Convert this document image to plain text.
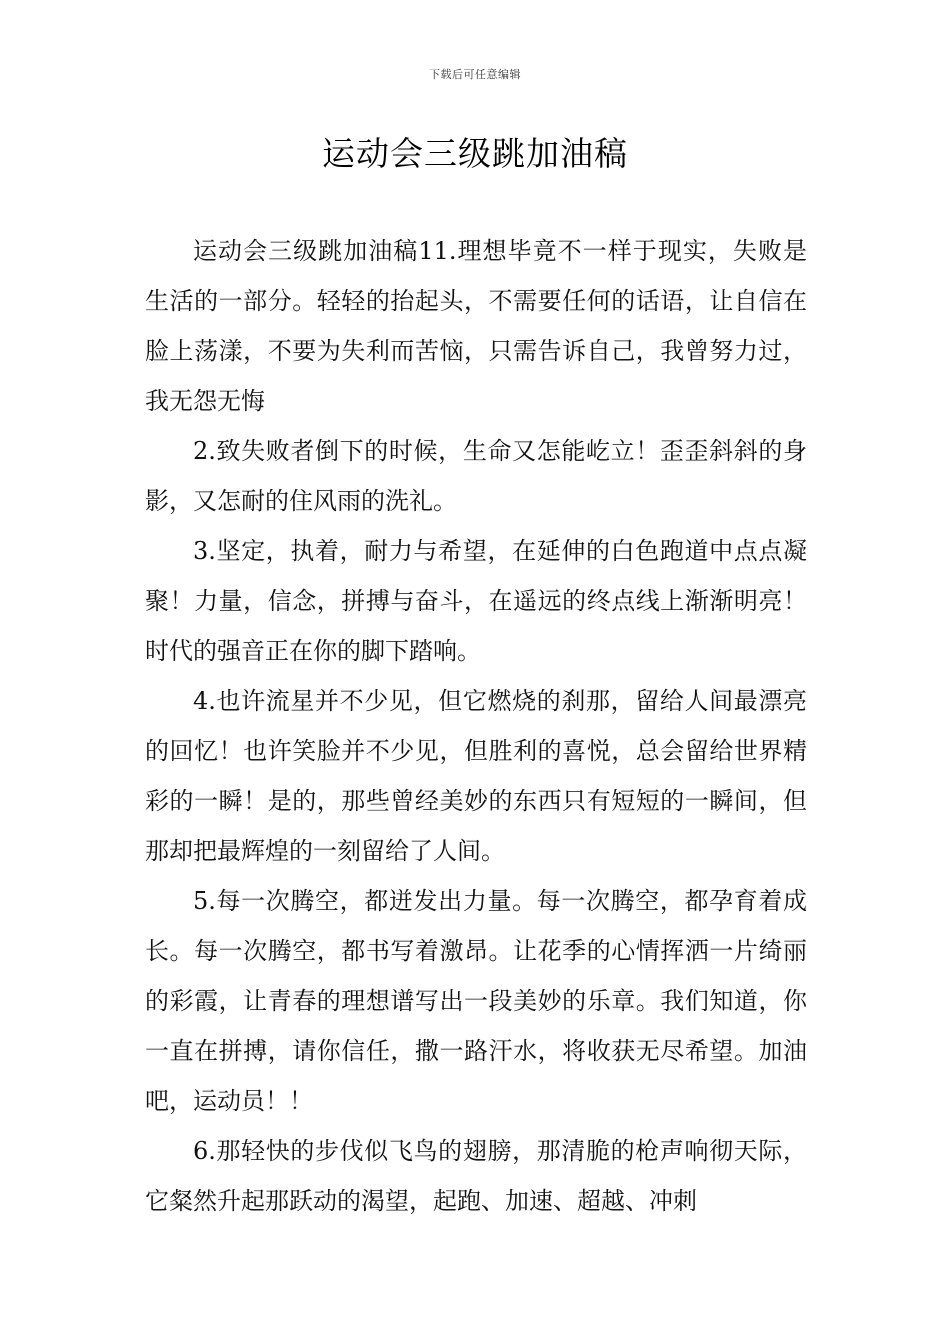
下载后可任意编辑
运动会三级跳加油稿

运动会三级跳加油稿11.理想毕竟不一样于现实，失败是生活的一部分。轻轻的抬起头，不需要任何的话语，让自信在脸上荡漾，不要为失利而苦恼，只需告诉自己，我曾努力过，我无怨无悔

2.致失败者倒下的时候，生命又怎能屹立！歪歪斜斜的身影，又怎耐的住风雨的洗礼。

3.坚定，执着，耐力与希望，在延伸的白色跑道中点点凝聚！力量，信念，拼搏与奋斗，在遥远的终点线上渐渐明亮！时代的强音正在你的脚下踏响。

4.也许流星并不少见，但它燃烧的刹那，留给人间最漂亮的回忆！也许笑脸并不少见，但胜利的喜悦，总会留给世界精彩的一瞬！是的，那些曾经美妙的东西只有短短的一瞬间，但那却把最辉煌的一刻留给了人间。

5.每一次腾空，都迸发出力量。每一次腾空，都孕育着成长。每一次腾空，都书写着激昂。让花季的心情挥洒一片绮丽的彩霞，让青春的理想谱写出一段美妙的乐章。我们知道，你一直在拼搏，请你信任，撒一路汗水，将收获无尽希望。加油吧，运动员！！

6.那轻快的步伐似飞鸟的翅膀，那清脆的枪声响彻天际，它粲然升起那跃动的渴望，起跑、加速、超越、冲刺
